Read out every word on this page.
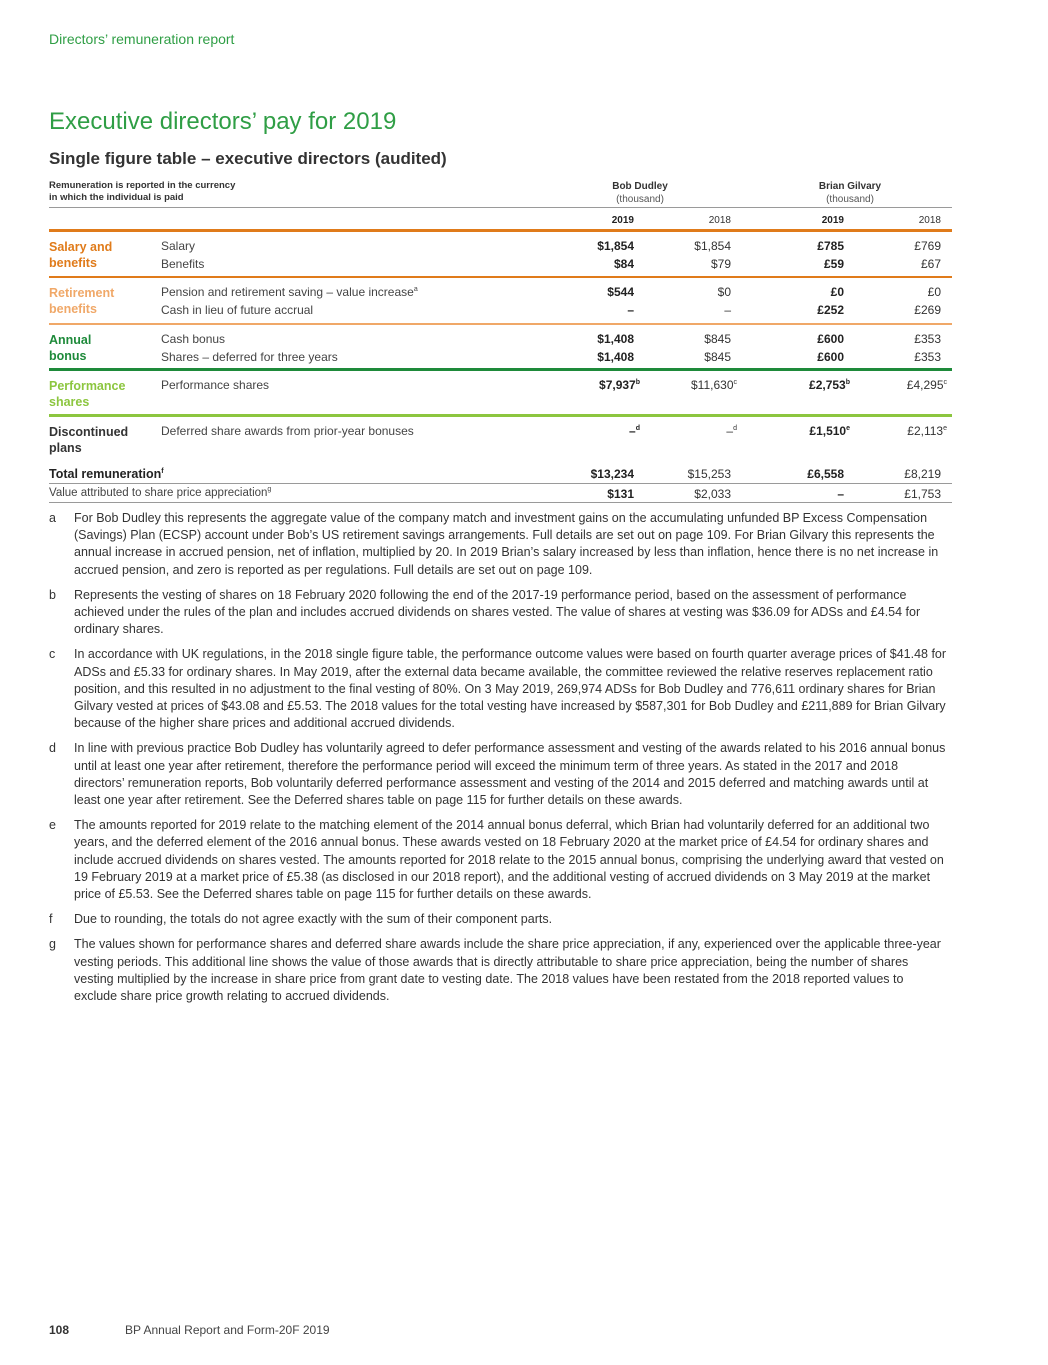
Directors’ remuneration report
Executive directors’ pay for 2019
Single figure table – executive directors (audited)
Remuneration is reported in the currency
in which the individual is paid
Bob Dudley
(thousand)
Brian Gilvary
(thousand)
2019	2018	2019	2018
Salary and
benefits
Salary	$1,854	$1,854	£785	£769
Benefits	$84	$79	£59	£67
Retirement
benefits
Pension and retirement saving – value increase$^a$	$544	$0	£0	£0
Cash in lieu of future accrual	–	–	£252	£269
Annual
bonus
Cash bonus	$1,408	$845	£600	£353
Shares – deferred for three years	$1,408	$845	£600	£353
Performance
shares
Performance shares	$7,937$^b$	$11,630$^c$	£2,753$^b$	£4,295$^c$
Discontinued
plans
Deferred share awards from prior-year bonuses	–$^d$	–$^d$	£1,510e	£2,113e
Total remuneration$^f$	$13,234	$15,253	£6,558	£8,219
Value attributed to share price appreciation$^g$	$131	$2,033	–	£1,753
a For Bob Dudley this represents the aggregate value of the company match and investment gains on the accumulating unfunded BP Excess Compensation (Savings) Plan (ECSP) account under Bob’s US retirement savings arrangements. Full details are set out on page 109. For Brian Gilvary this represents the annual increase in accrued pension, net of inflation, multiplied by 20. In 2019 Brian’s salary increased by less than inflation, hence there is no net increase in accrued pension, and zero is reported as per regulations. Full details are set out on page 109.
b Represents the vesting of shares on 18 February 2020 following the end of the 2017-19 performance period, based on the assessment of performance achieved under the rules of the plan and includes accrued dividends on shares vested. The value of shares at vesting was $36.09 for ADSs and £4.54 for ordinary shares.
c In accordance with UK regulations, in the 2018 single figure table, the performance outcome values were based on fourth quarter average prices of $41.48 for ADSs and £5.33 for ordinary shares. In May 2019, after the external data became available, the committee reviewed the relative reserves replacement ratio position, and this resulted in no adjustment to the final vesting of 80%. On 3 May 2019, 269,974 ADSs for Bob Dudley and 776,611 ordinary shares for Brian Gilvary vested at prices of $43.08 and £5.53. The 2018 values for the total vesting have increased by $587,301 for Bob Dudley and £211,889 for Brian Gilvary because of the higher share prices and additional accrued dividends.
d In line with previous practice Bob Dudley has voluntarily agreed to defer performance assessment and vesting of the awards related to his 2016 annual bonus until at least one year after retirement, therefore the performance period will exceed the minimum term of three years. As stated in the 2017 and 2018 directors’ remuneration reports, Bob voluntarily deferred performance assessment and vesting of the 2014 and 2015 deferred and matching awards until at least one year after retirement. See the Deferred shares table on page 115 for further details on these awards.
e The amounts reported for 2019 relate to the matching element of the 2014 annual bonus deferral, which Brian had voluntarily deferred for an additional two years, and the deferred element of the 2016 annual bonus. These awards vested on 18 February 2020 at the market price of £4.54 for ordinary shares and include accrued dividends on shares vested. The amounts reported for 2018 relate to the 2015 annual bonus, comprising the underlying award that vested on 19 February 2019 at a market price of £5.38 (as disclosed in our 2018 report), and the additional vesting of accrued dividends on 3 May 2019 at the market price of £5.53. See the Deferred shares table on page 115 for further details on these awards.
f Due to rounding, the totals do not agree exactly with the sum of their component parts.
g The values shown for performance shares and deferred share awards include the share price appreciation, if any, experienced over the applicable three-year vesting periods. This additional line shows the value of those awards that is directly attributable to share price appreciation, being the number of shares vesting multiplied by the increase in share price from grant date to vesting date. The 2018 values have been restated from the 2018 reported values to exclude share price growth relating to accrued dividends.
108	BP Annual Report and Form-20F 2019
